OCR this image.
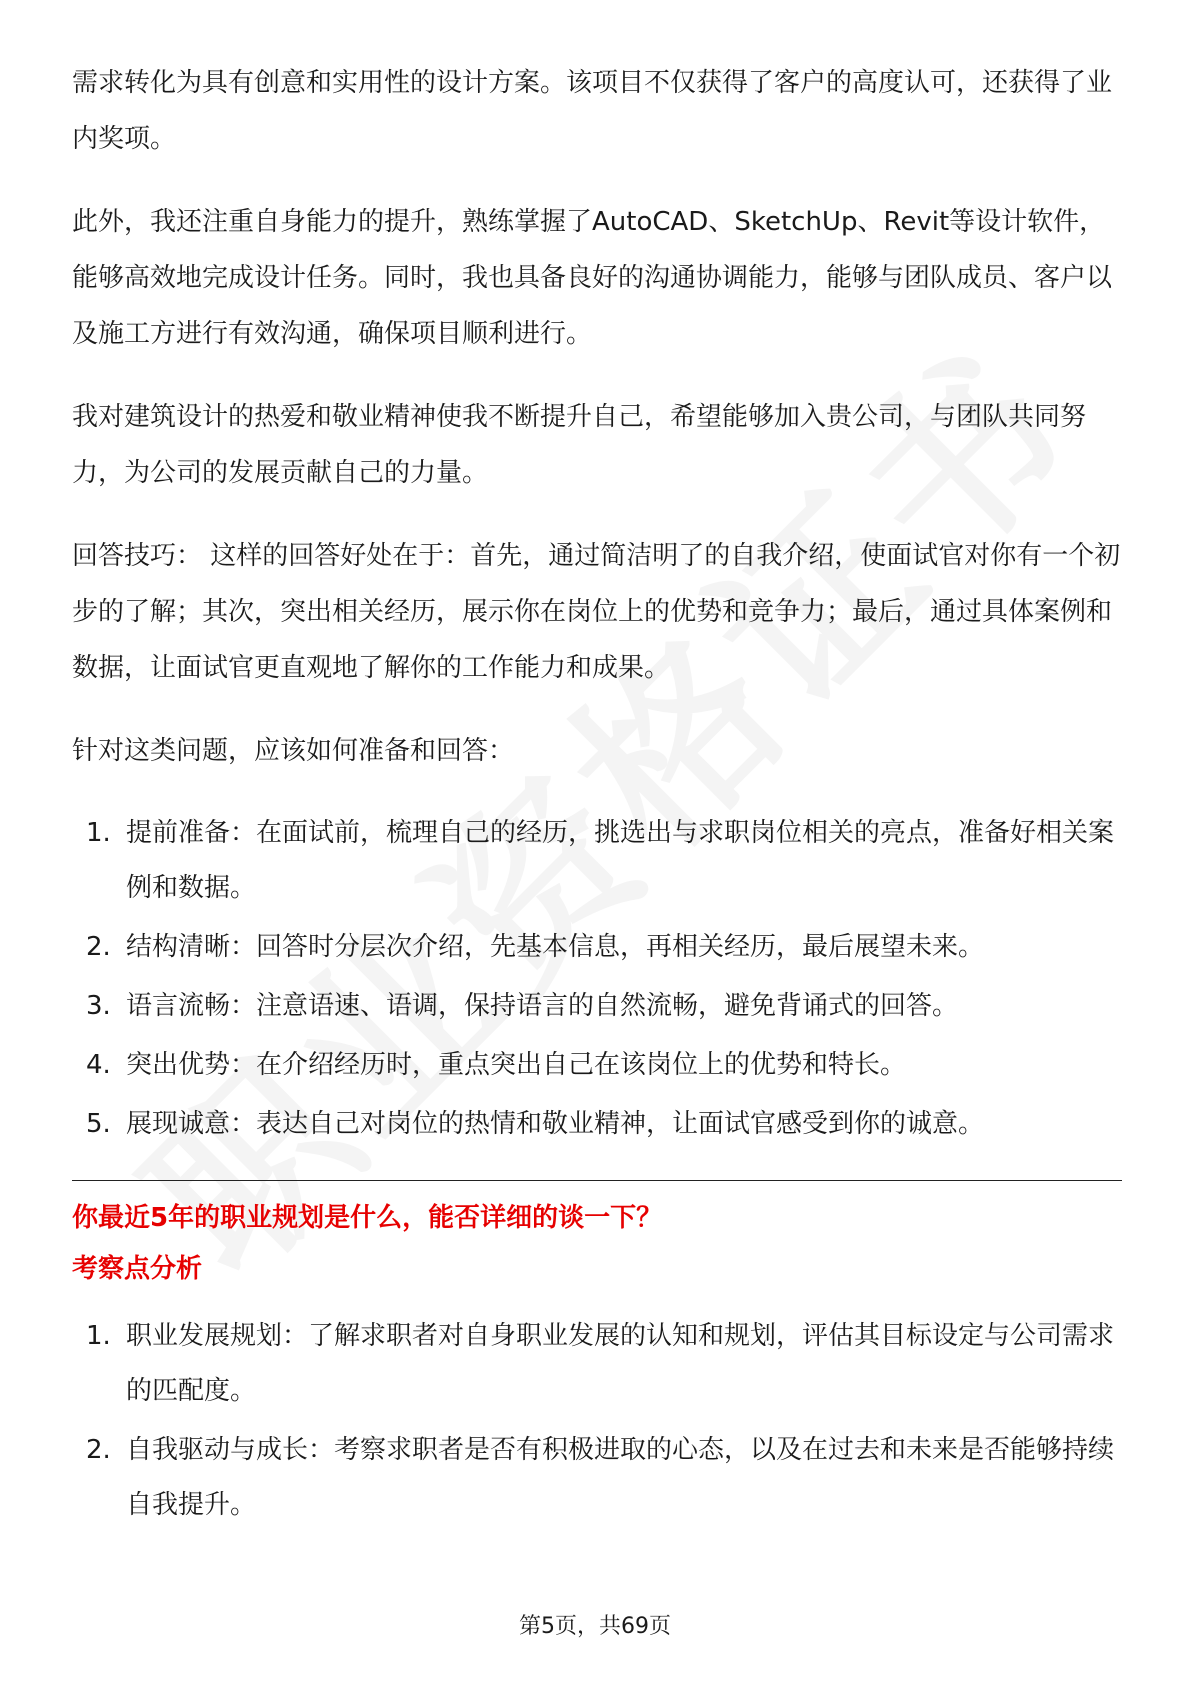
需求转化为具有创意和实用性的设计方案。该项目不仅获得了客户的高度认可，还获得了业内奖项。

此外，我还注重自身能力的提升，熟练掌握了AutoCAD、SketchUp、Revit等设计软件，能够高效地完成设计任务。同时，我也具备良好的沟通协调能力，能够与团队成员、客户以及施工方进行有效沟通，确保项目顺利进行。

我对建筑设计的热爱和敬业精神使我不断提升自己，希望能够加入贵公司，与团队共同努力，为公司的发展贡献自己的力量。

回答技巧： 这样的回答好处在于：首先，通过简洁明了的自我介绍，使面试官对你有一个初步的了解；其次，突出相关经历，展示你在岗位上的优势和竞争力；最后，通过具体案例和数据，让面试官更直观地了解你的工作能力和成果。

针对这类问题，应该如何准备和回答：

1. 提前准备：在面试前，梳理自己的经历，挑选出与求职岗位相关的亮点，准备好相关案例和数据。
2. 结构清晰：回答时分层次介绍，先基本信息，再相关经历，最后展望未来。
3. 语言流畅：注意语速、语调，保持语言的自然流畅，避免背诵式的回答。
4. 突出优势：在介绍经历时，重点突出自己在该岗位上的优势和特长。
5. 展现诚意：表达自己对岗位的热情和敬业精神，让面试官感受到你的诚意。

你最近5年的职业规划是什么，能否详细的谈一下？

考察点分析

1. 职业发展规划：了解求职者对自身职业发展的认知和规划，评估其目标设定与公司需求的匹配度。
2. 自我驱动与成长：考察求职者是否有积极进取的心态，以及在过去和未来是否能够持续自我提升。
第5页，共69页
